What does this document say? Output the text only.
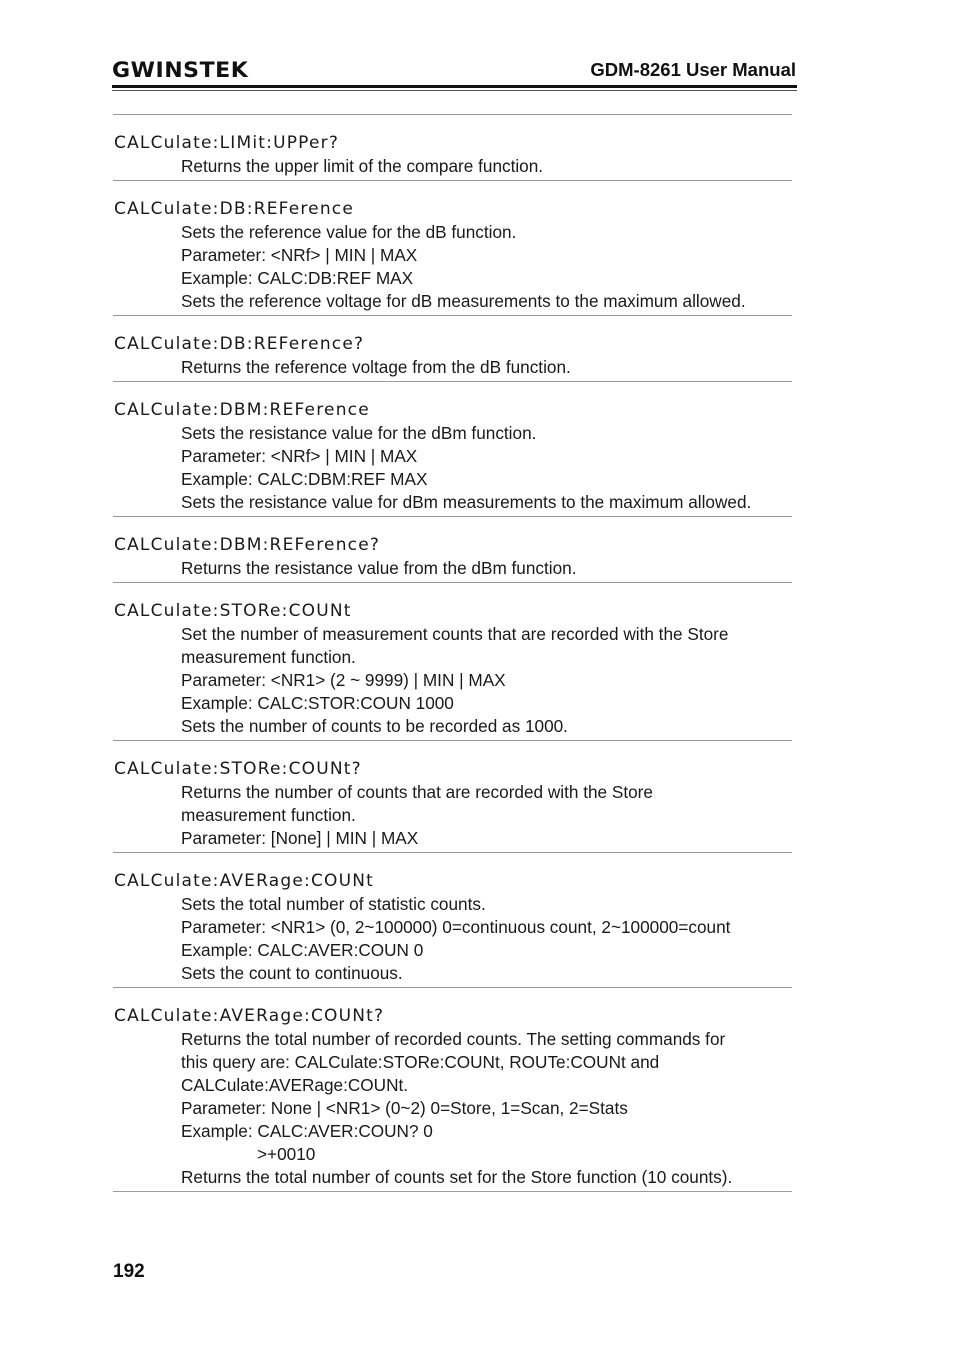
GWINSTEK	GDM-8261 User Manual
CALCulate:LIMit:UPPer?
Returns the upper limit of the compare function.
CALCulate:DB:REFerence
Sets the reference value for the dB function.
Parameter: <NRf> | MIN | MAX
Example: CALC:DB:REF MAX
Sets the reference voltage for dB measurements to the maximum allowed.
CALCulate:DB:REFerence?
Returns the reference voltage from the dB function.
CALCulate:DBM:REFerence
Sets the resistance value for the dBm function.
Parameter: <NRf> | MIN | MAX
Example: CALC:DBM:REF MAX
Sets the resistance value for dBm measurements to the maximum allowed.
CALCulate:DBM:REFerence?
Returns the resistance value from the dBm function.
CALCulate:STORe:COUNt
Set the number of measurement counts that are recorded with the Store
measurement function.
Parameter: <NR1> (2 ~ 9999) | MIN | MAX
Example: CALC:STOR:COUN 1000
Sets the number of counts to be recorded as 1000.
CALCulate:STORe:COUNt?
Returns the number of counts that are recorded with the Store
measurement function.
Parameter: [None] | MIN | MAX
CALCulate:AVERage:COUNt
Sets the total number of statistic counts.
Parameter: <NR1> (0, 2~100000) 0=continuous count, 2~100000=count
Example: CALC:AVER:COUN 0
Sets the count to continuous.
CALCulate:AVERage:COUNt?
Returns the total number of recorded counts. The setting commands for
this query are: CALCulate:STORe:COUNt, ROUTe:COUNt and
CALCulate:AVERage:COUNt.
Parameter: None | <NR1> (0~2) 0=Store, 1=Scan, 2=Stats
Example: CALC:AVER:COUN? 0
>+0010
Returns the total number of counts set for the Store function (10 counts).
192
